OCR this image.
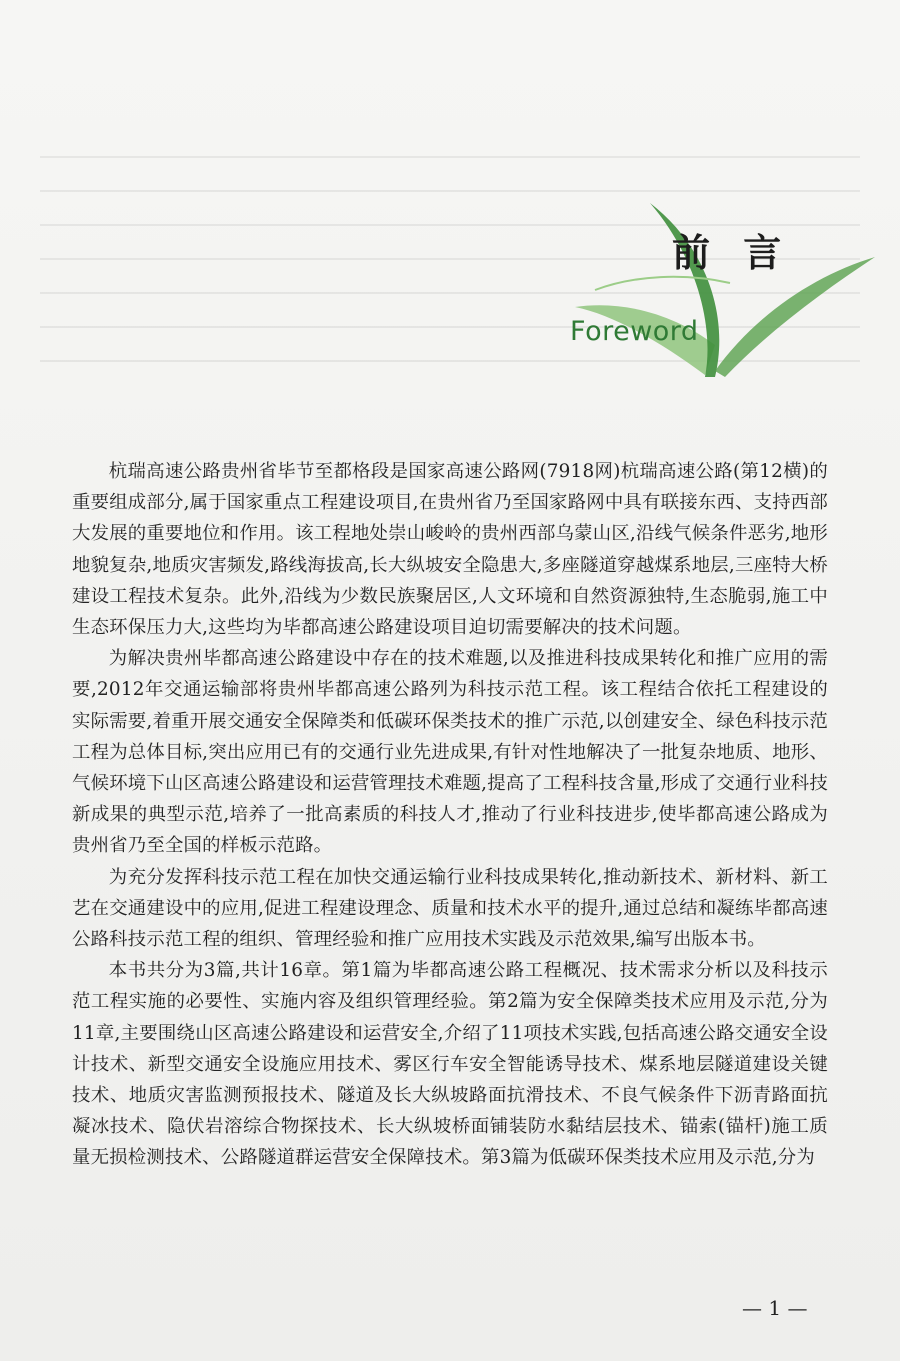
前 言
Foreword

杭瑞高速公路贵州省毕节至都格段是国家高速公路网(7918网)杭瑞高速公路(第12横)的重要组成部分,属于国家重点工程建设项目,在贵州省乃至国家路网中具有联接东西、支持西部大发展的重要地位和作用。该工程地处崇山峻岭的贵州西部乌蒙山区,沿线气候条件恶劣,地形地貌复杂,地质灾害频发,路线海拔高,长大纵坡安全隐患大,多座隧道穿越煤系地层,三座特大桥建设工程技术复杂。此外,沿线为少数民族聚居区,人文环境和自然资源独特,生态脆弱,施工中生态环保压力大,这些均为毕都高速公路建设项目迫切需要解决的技术问题。

为解决贵州毕都高速公路建设中存在的技术难题,以及推进科技成果转化和推广应用的需要,2012年交通运输部将贵州毕都高速公路列为科技示范工程。该工程结合依托工程建设的实际需要,着重开展交通安全保障类和低碳环保类技术的推广示范,以创建安全、绿色科技示范工程为总体目标,突出应用已有的交通行业先进成果,有针对性地解决了一批复杂地质、地形、气候环境下山区高速公路建设和运营管理技术难题,提高了工程科技含量,形成了交通行业科技新成果的典型示范,培养了一批高素质的科技人才,推动了行业科技进步,使毕都高速公路成为贵州省乃至全国的样板示范路。

为充分发挥科技示范工程在加快交通运输行业科技成果转化,推动新技术、新材料、新工艺在交通建设中的应用,促进工程建设理念、质量和技术水平的提升,通过总结和凝练毕都高速公路科技示范工程的组织、管理经验和推广应用技术实践及示范效果,编写出版本书。

本书共分为3篇,共计16章。第1篇为毕都高速公路工程概况、技术需求分析以及科技示范工程实施的必要性、实施内容及组织管理经验。第2篇为安全保障类技术应用及示范,分为11章,主要围绕山区高速公路建设和运营安全,介绍了11项技术实践,包括高速公路交通安全设计技术、新型交通安全设施应用技术、雾区行车安全智能诱导技术、煤系地层隧道建设关键技术、地质灾害监测预报技术、隧道及长大纵坡路面抗滑技术、不良气候条件下沥青路面抗凝冰技术、隐伏岩溶综合物探技术、长大纵坡桥面铺装防水黏结层技术、锚索(锚杆)施工质量无损检测技术、公路隧道群运营安全保障技术。第3篇为低碳环保类技术应用及示范,分为

— 1 —
